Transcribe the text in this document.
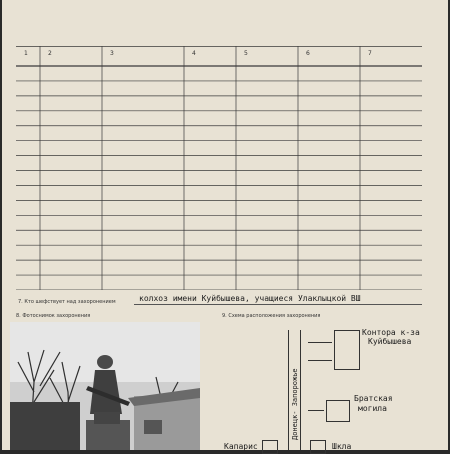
1	2	3	4	5	6	7
7. Кто шефствует над захоронением	колхоз имени Куйбышева, учащиеся Улаклыцкой ВШ
8. Фотоснимок захоронения	9. Схема расположения захоронения
Донецк- Запорожье
Контора к-за
Куйбышева
Братская
могила
Капарис	Шкла
